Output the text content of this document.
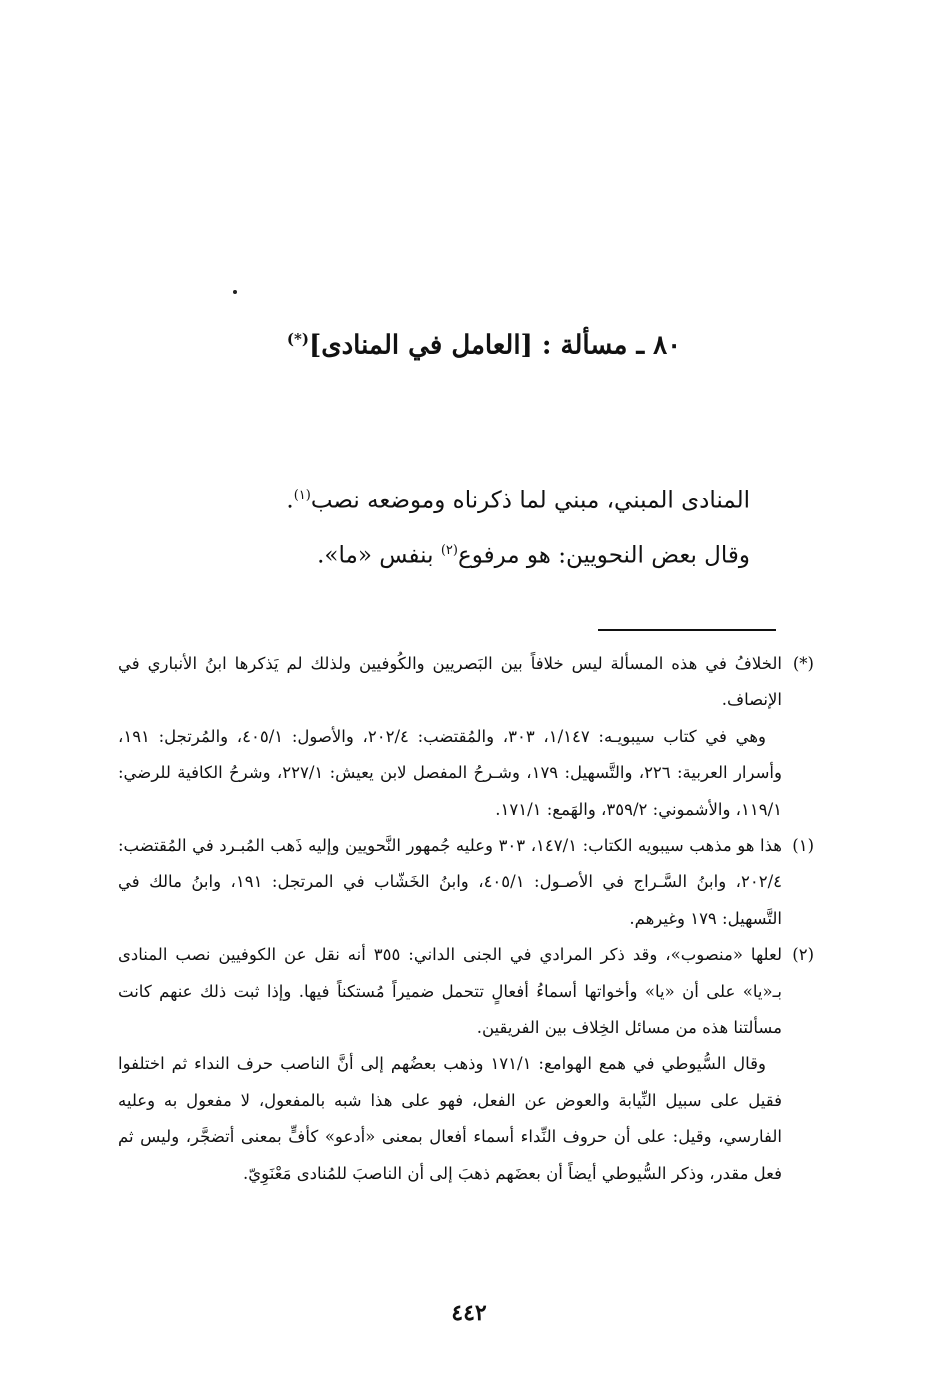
٨٠ ـ مسألة : [العامل في المنادى](*)

المنادى المبني، مبني لما ذكرناه وموضعه نصب$^{(١)}$.

وقال بعض النحويين: هو مرفوع$^{(٢)}$ بنفس «ما».

(*)

الخلافُ في هذه المسألة ليس خلافاً بين البَصريين والكُوفيين ولذلك لم يَذكرها ابنُ الأنباري في الإنصاف.

وهي في كتاب سيبويـه: ١/١٤٧، ٣٠٣، والمُقتضب: ٢٠٢/٤، والأصول: ٤٠٥/١، والمُرتجل: ١٩١، وأسرار العربية: ٢٢٦، والتَّسهيل: ١٧٩، وشـرحُ المفصل لابن يعيش: ٢٢٧/١، وشرحُ الكافية للرضي: ١١٩/١، والأشموني: ٣٥٩/٢، والهَمع: ١٧١/١.

(١)

هذا هو مذهب سيبويه الكتاب: ١٤٧/١، ٣٠٣ وعليه جُمهور النَّحويين وإليه ذَهب المُبـرد في المُقتضب: ٢٠٢/٤، وابنُ السَّـراج في الأصـول: ٤٠٥/١، وابنُ الخَشّاب في المرتجل: ١٩١، وابنُ مالك في التَّسهيل: ١٧٩ وغيرهم.

(٢)

لعلها «منصوب»، وقد ذكر المرادي في الجنى الداني: ٣٥٥ أنه نقل عن الكوفيين نصب المنادى بـ«يا» على أن «يا» وأخواتها أسماءُ أفعالٍ تتحمل ضميراً مُستكناً فيها. وإذا ثبت ذلك عنهم كانت مسألتنا هذه من مسائل الخِلاف بين الفريقين.

وقال السُّيوطي في همع الهوامع: ١٧١/١ وذهب بعضُهم إلى أنَّ الناصب حرف النداء ثم اختلفوا فقيل على سبيل النِّيابة والعوض عن الفعل، فهو على هذا شبه بالمفعول، لا مفعول به وعليه الفارسي، وقيل: على أن حروف النِّداء أسماء أفعال بمعنى «أدعو» كأفٍّ بمعنى أتضجَّر، وليس ثم فعل مقدر، وذكر السُّيوطي أيضاً أن بعضَهم ذهبَ إلى أن الناصبَ للمُنادى مَعْنَوِيّ.

٤٤٢
